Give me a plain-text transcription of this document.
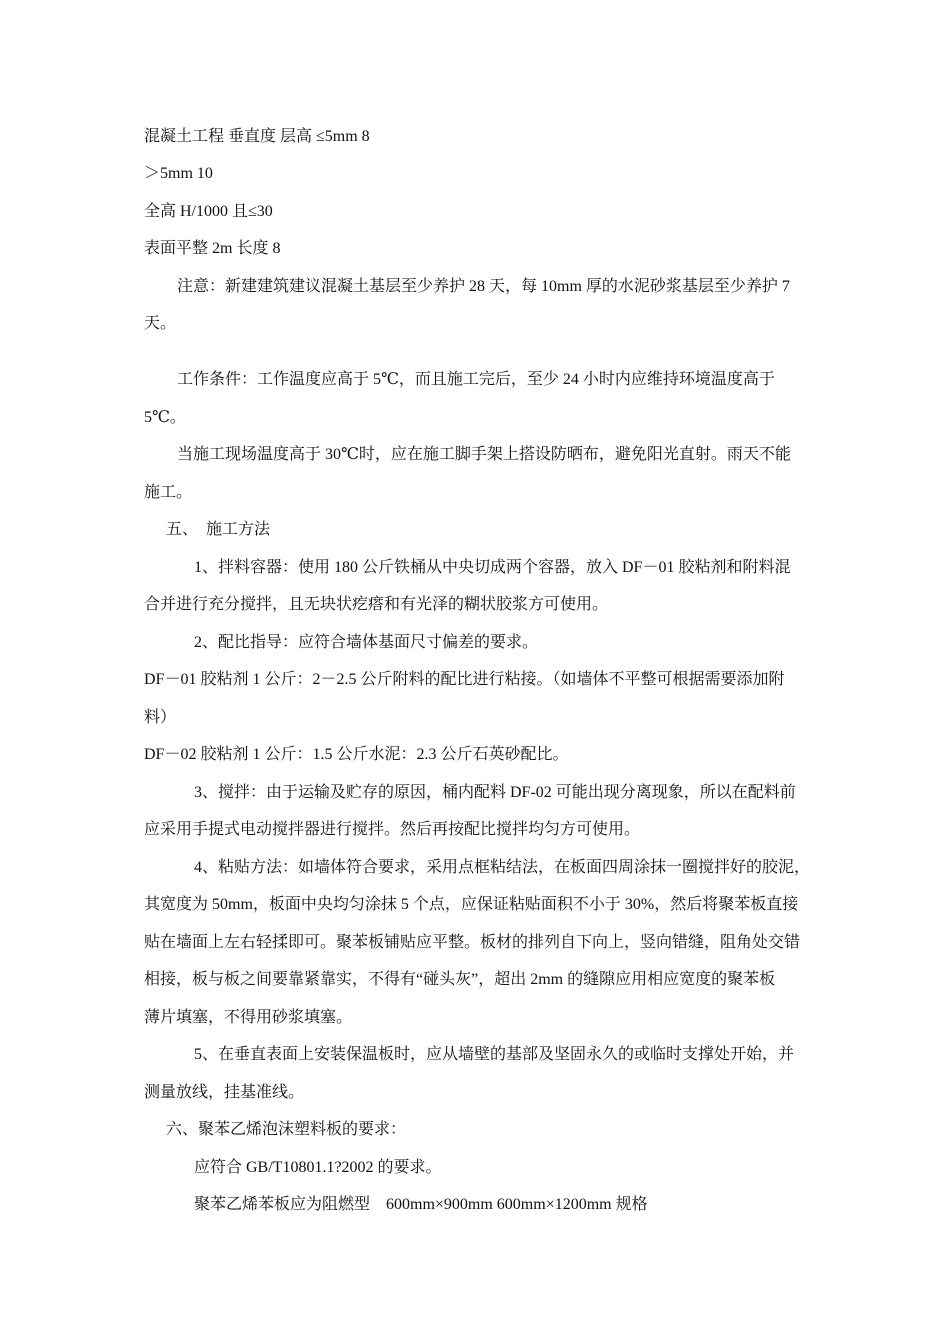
混凝土工程 垂直度 层高 ≤5mm 8
＞5mm 10
全高 H/1000 且≤30
表面平整 2m 长度 8
注意：新建建筑建议混凝土基层至少养护 28 天，每 10mm 厚的水泥砂浆基层至少养护 7
天。
工作条件：工作温度应高于 5℃，而且施工完后，至少 24 小时内应维持环境温度高于
5℃。
当施工现场温度高于 30℃时，应在施工脚手架上搭设防晒布，避免阳光直射。雨天不能
施工。
五、　施工方法
1、拌料容器：使用 180 公斤铁桶从中央切成两个容器，放入 DF－01 胶粘剂和附料混
合并进行充分搅拌，且无块状疙瘩和有光泽的糊状胶浆方可使用。
2、配比指导：应符合墙体基面尺寸偏差的要求。
DF－01 胶粘剂 1 公斤：2－2.5 公斤附料的配比进行粘接。（如墙体不平整可根据需要添加附
料）
DF－02 胶粘剂 1 公斤：1.5 公斤水泥：2.3 公斤石英砂配比。
3、搅拌：由于运输及贮存的原因，桶内配料 DF-02 可能出现分离现象，所以在配料前
应采用手提式电动搅拌器进行搅拌。然后再按配比搅拌均匀方可使用。
4、粘贴方法：如墙体符合要求，采用点框粘结法，在板面四周涂抹一圈搅拌好的胶泥，
其宽度为 50mm，板面中央均匀涂抹 5 个点，应保证粘贴面积不小于 30%，然后将聚苯板直接
贴在墙面上左右轻揉即可。聚苯板铺贴应平整。板材的排列自下向上，竖向错缝，阻角处交错
相接，板与板之间要靠紧靠实，不得有“碰头灰”，超出 2mm 的缝隙应用相应宽度的聚苯板
薄片填塞，不得用砂浆填塞。
5、在垂直表面上安装保温板时，应从墙壁的基部及坚固永久的或临时支撑处开始，并
测量放线，挂基准线。
六、聚苯乙烯泡沫塑料板的要求：
应符合 GB/T10801.1?2002 的要求。
聚苯乙烯苯板应为阻燃型　600mm×900mm 600mm×1200mm 规格
